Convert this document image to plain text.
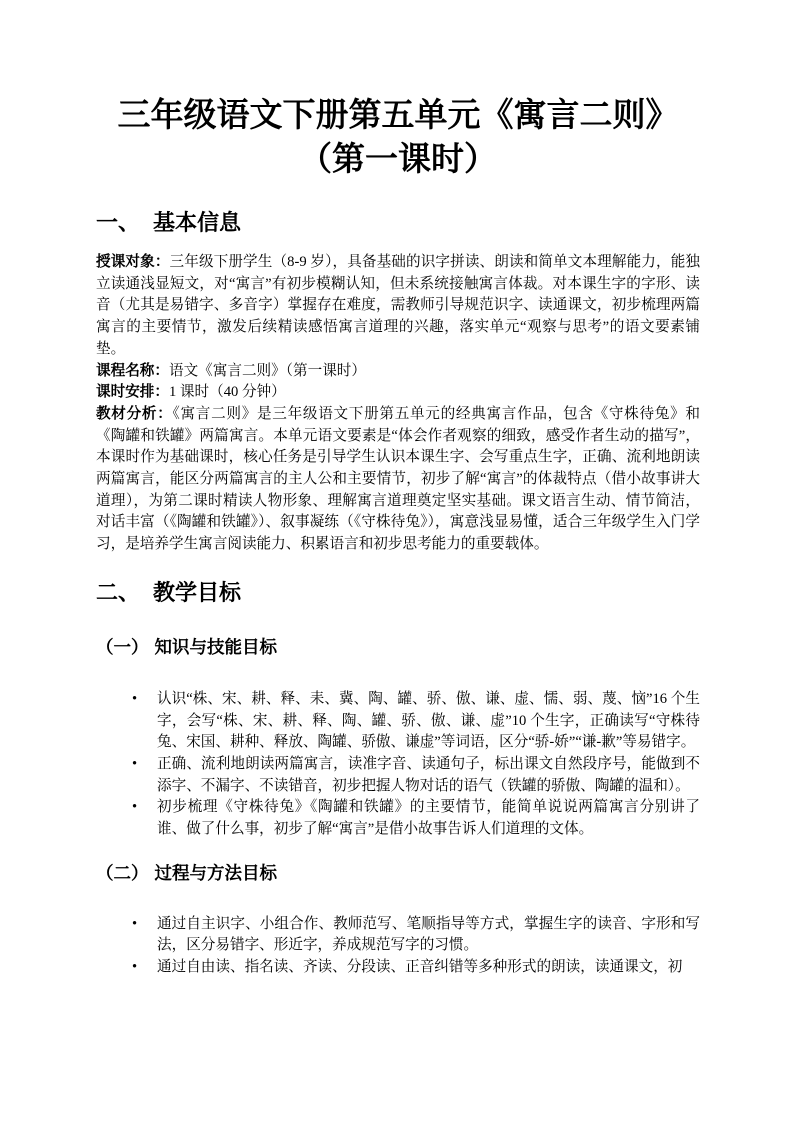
三年级语文下册第五单元《寓言二则》
（第一课时）
一、 基本信息

授课对象：三年级下册学生（8-9 岁），具备基础的识字拼读、朗读和简单文本理解能力，能独立读通浅显短文，对“寓言”有初步模糊认知，但未系统接触寓言体裁。对本课生字的字形、读音（尤其是易错字、多音字）掌握存在难度，需教师引导规范识字、读通课文，初步梳理两篇寓言的主要情节，激发后续精读感悟寓言道理的兴趣，落实单元“观察与思考”的语文要素铺垫。

课程名称：语文《寓言二则》（第一课时）

课时安排：1 课时（40 分钟）

教材分析：《寓言二则》是三年级语文下册第五单元的经典寓言作品，包含《守株待兔》和《陶罐和铁罐》两篇寓言。本单元语文要素是“体会作者观察的细致，感受作者生动的描写”，本课时作为基础课时，核心任务是引导学生认识本课生字、会写重点生字，正确、流利地朗读两篇寓言，能区分两篇寓言的主人公和主要情节，初步了解“寓言”的体裁特点（借小故事讲大道理），为第二课时精读人物形象、理解寓言道理奠定坚实基础。课文语言生动、情节简洁，对话丰富（《陶罐和铁罐》）、叙事凝练（《守株待兔》），寓意浅显易懂，适合三年级学生入门学习，是培养学生寓言阅读能力、积累语言和初步思考能力的重要载体。

二、 教学目标
（一） 知识与技能目标
• 认识“株、宋、耕、释、耒、冀、陶、罐、骄、傲、谦、虚、懦、弱、蔑、恼”16 个生字，会写“株、宋、耕、释、陶、罐、骄、傲、谦、虚”10 个生字，正确读写“守株待兔、宋国、耕种、释放、陶罐、骄傲、谦虚”等词语，区分“骄-娇”“谦-歉”等易错字。
• 正确、流利地朗读两篇寓言，读准字音、读通句子，标出课文自然段序号，能做到不添字、不漏字、不读错音，初步把握人物对话的语气（铁罐的骄傲、陶罐的温和）。
• 初步梳理《守株待兔》《陶罐和铁罐》的主要情节，能简单说说两篇寓言分别讲了谁、做了什么事，初步了解“寓言”是借小故事告诉人们道理的文体。
（二） 过程与方法目标
• 通过自主识字、小组合作、教师范写、笔顺指导等方式，掌握生字的读音、字形和写法，区分易错字、形近字，养成规范写字的习惯。
• 通过自由读、指名读、齐读、分段读、正音纠错等多种形式的朗读，读通课文，初
